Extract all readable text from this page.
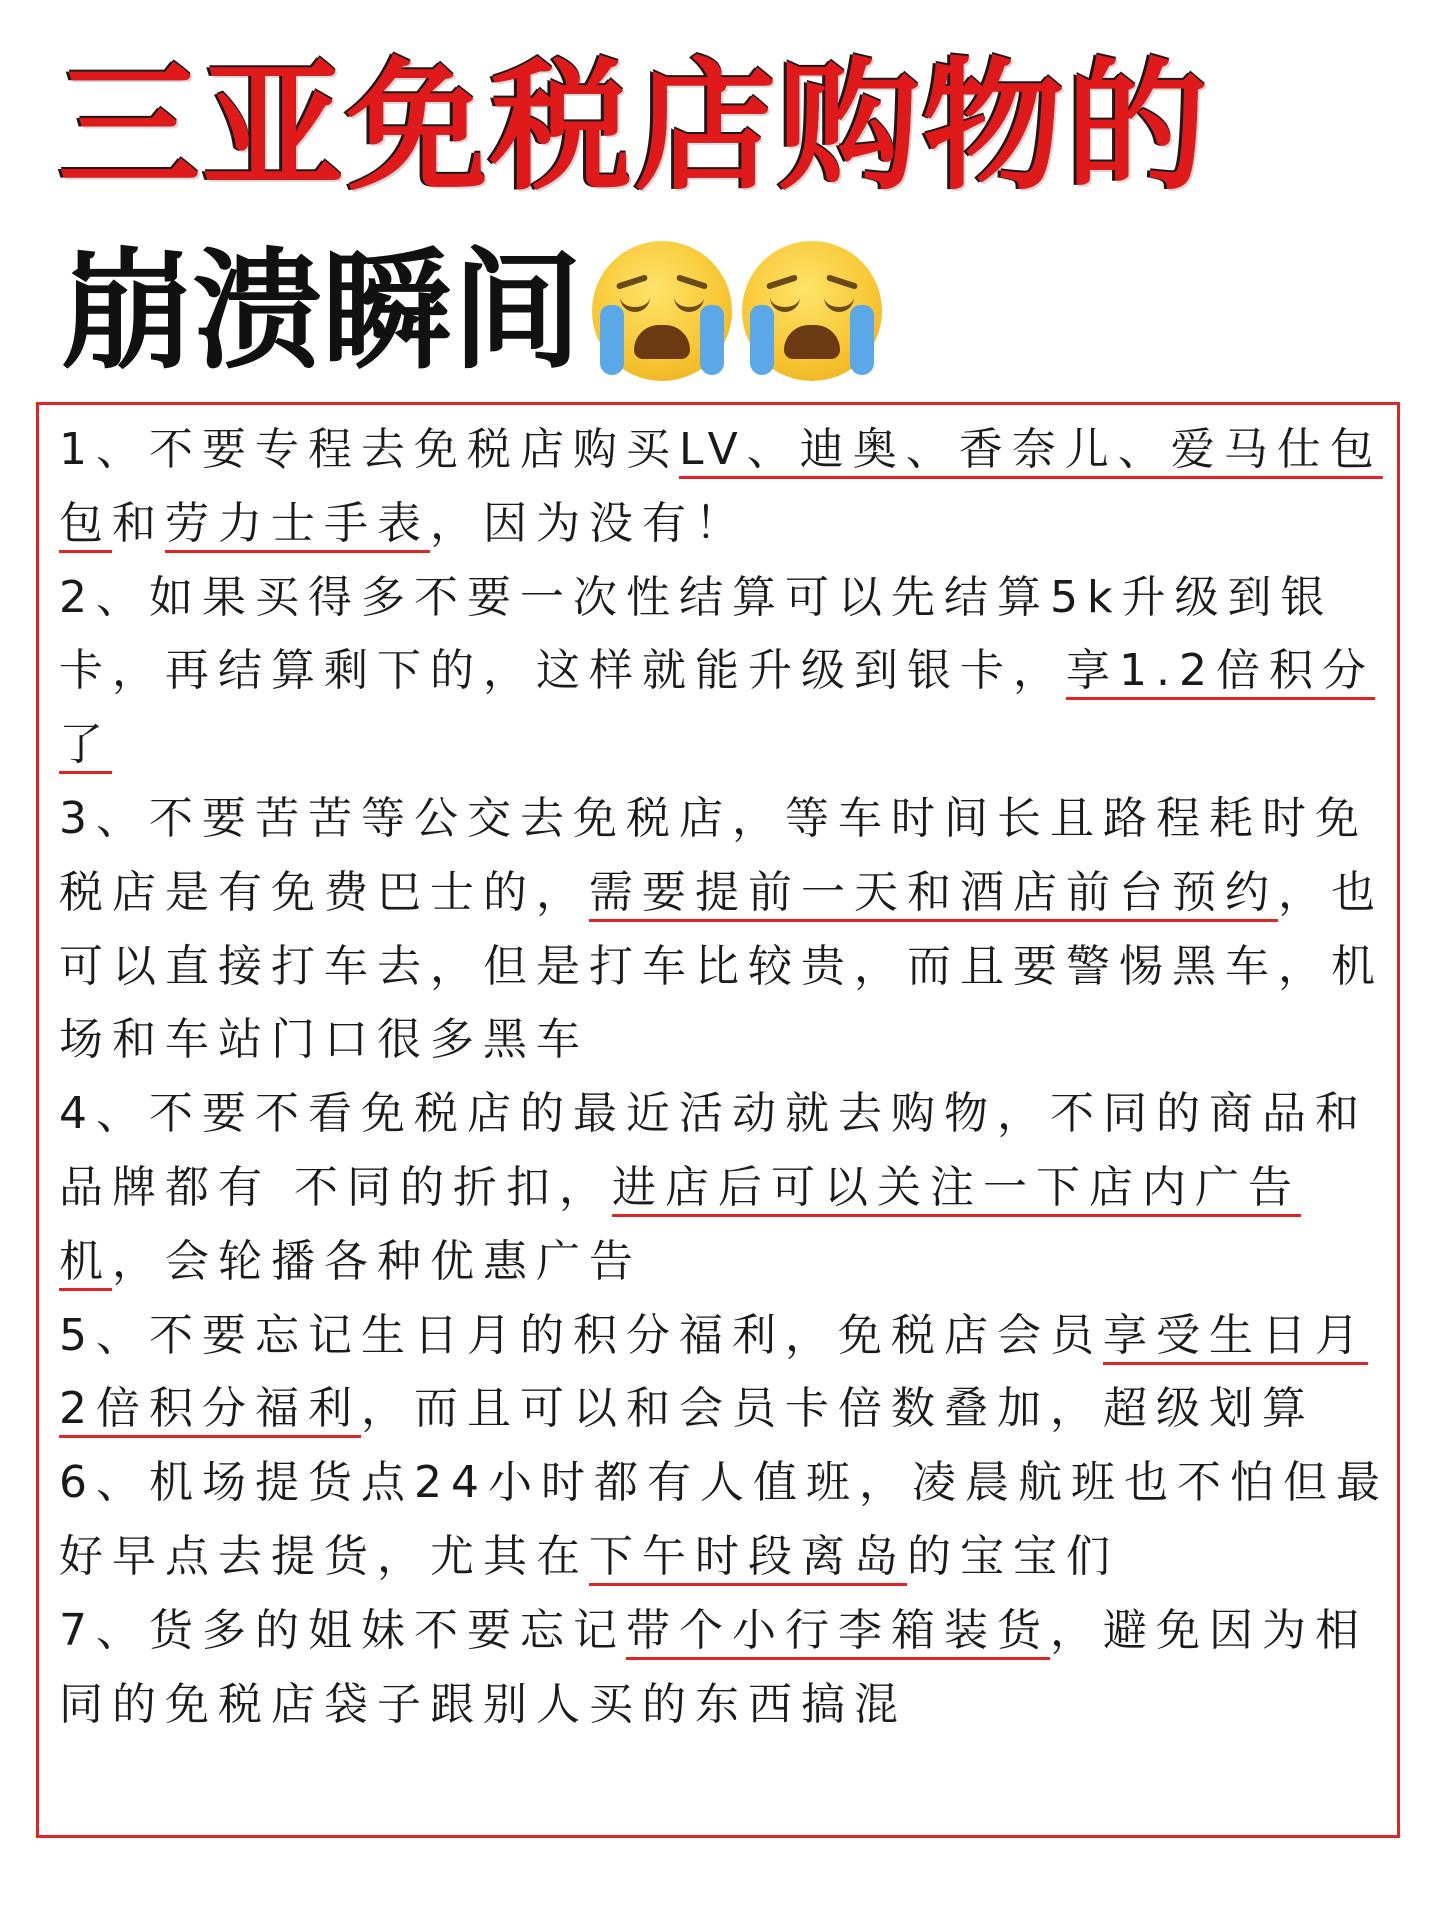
三亚免税店购物的
崩溃瞬间

1、不要专程去免税店购买LV、迪奥、香奈儿、爱马仕包包和劳力士手表，因为没有！

2、如果买得多不要一次性结算可以先结算5k升级到银卡，再结算剩下的，这样就能升级到银卡，享1.2倍积分了

3、不要苦苦等公交去免税店，等车时间长且路程耗时免税店是有免费巴士的，需要提前一天和酒店前台预约，也可以直接打车去，但是打车比较贵，而且要警惕黑车，机场和车站门口很多黑车

4、不要不看免税店的最近活动就去购物，不同的商品和品牌都有 不同的折扣，进店后可以关注一下店内广告机，会轮播各种优惠广告

5、不要忘记生日月的积分福利，免税店会员享受生日月2倍积分福利，而且可以和会员卡倍数叠加，超级划算

6、机场提货点24小时都有人值班，凌晨航班也不怕但最好早点去提货，尤其在下午时段离岛的宝宝们

7、货多的姐妹不要忘记带个小行李箱装货，避免因为相同的免税店袋子跟别人买的东西搞混
